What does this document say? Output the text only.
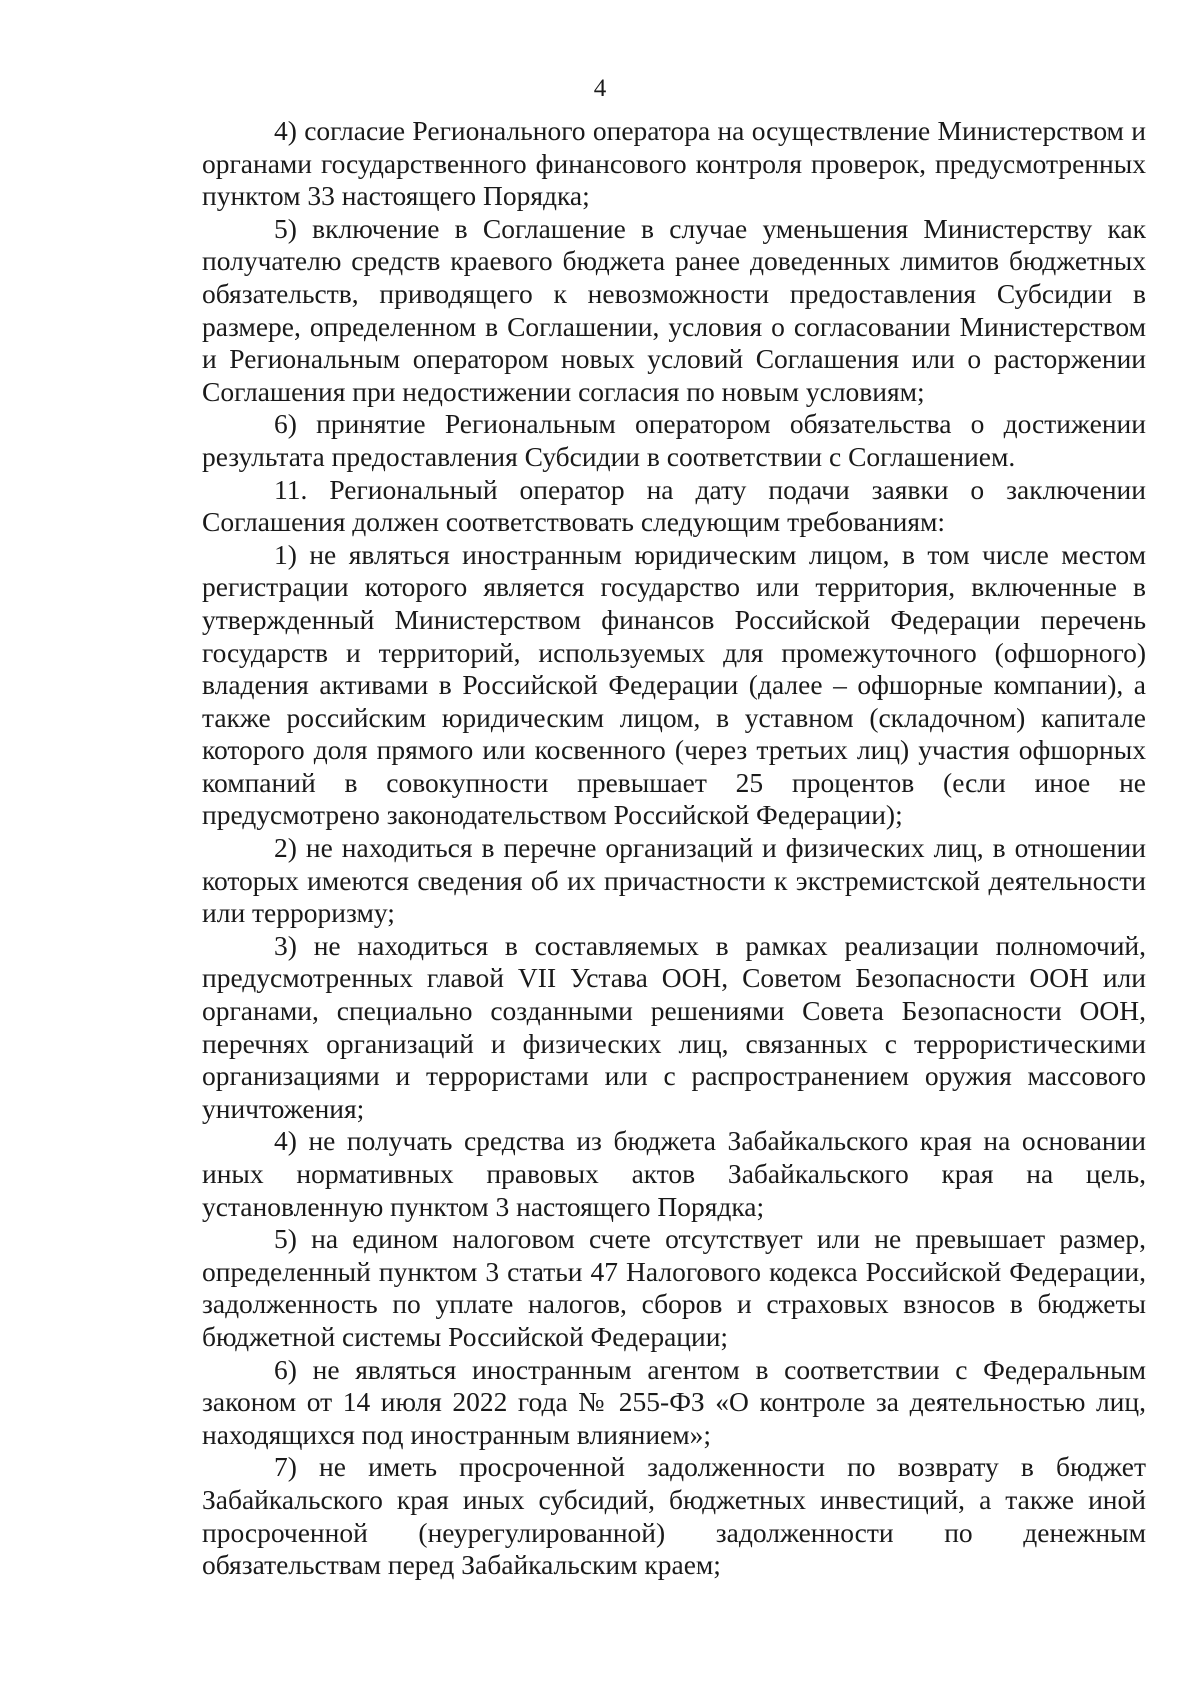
4

4) согласие Регионального оператора на осуществление Министерством и органами государственного финансового контроля проверок, предусмотренных пунктом 33 настоящего Порядка;

5) включение в Соглашение в случае уменьшения Министерству как получателю средств краевого бюджета ранее доведенных лимитов бюджетных обязательств, приводящего к невозможности предоставления Субсидии в размере, определенном в Соглашении, условия о согласовании Министерством и Региональным оператором новых условий Соглашения или о расторжении Соглашения при недостижении согласия по новым условиям;

6) принятие Региональным оператором обязательства о достижении результата предоставления Субсидии в соответствии с Соглашением.

11. Региональный оператор на дату подачи заявки о заключении Соглашения должен соответствовать следующим требованиям:

1) не являться иностранным юридическим лицом, в том числе местом регистрации которого является государство или территория, включенные в утвержденный Министерством финансов Российской Федерации перечень государств и территорий, используемых для промежуточного (офшорного) владения активами в Российской Федерации (далее – офшорные компании), а также российским юридическим лицом, в уставном (складочном) капитале которого доля прямого или косвенного (через третьих лиц) участия офшорных компаний в совокупности превышает 25 процентов (если иное не предусмотрено законодательством Российской Федерации);

2) не находиться в перечне организаций и физических лиц, в отношении которых имеются сведения об их причастности к экстремистской деятельности или терроризму;

3) не находиться в составляемых в рамках реализации полномочий, предусмотренных главой VII Устава ООН, Советом Безопасности ООН или органами, специально созданными решениями Совета Безопасности ООН, перечнях организаций и физических лиц, связанных с террористическими организациями и террористами или с распространением оружия массового уничтожения;

4) не получать средства из бюджета Забайкальского края на основании иных нормативных правовых актов Забайкальского края на цель, установленную пунктом 3 настоящего Порядка;

5) на едином налоговом счете отсутствует или не превышает размер, определенный пунктом 3 статьи 47 Налогового кодекса Российской Федерации, задолженность по уплате налогов, сборов и страховых взносов в бюджеты бюджетной системы Российской Федерации;

6) не являться иностранным агентом в соответствии с Федеральным законом от 14 июля 2022 года № 255-ФЗ «О контроле за деятельностью лиц, находящихся под иностранным влиянием»;

7) не иметь просроченной задолженности по возврату в бюджет Забайкальского края иных субсидий, бюджетных инвестиций, а также иной просроченной (неурегулированной) задолженности по денежным обязательствам перед Забайкальским краем;
